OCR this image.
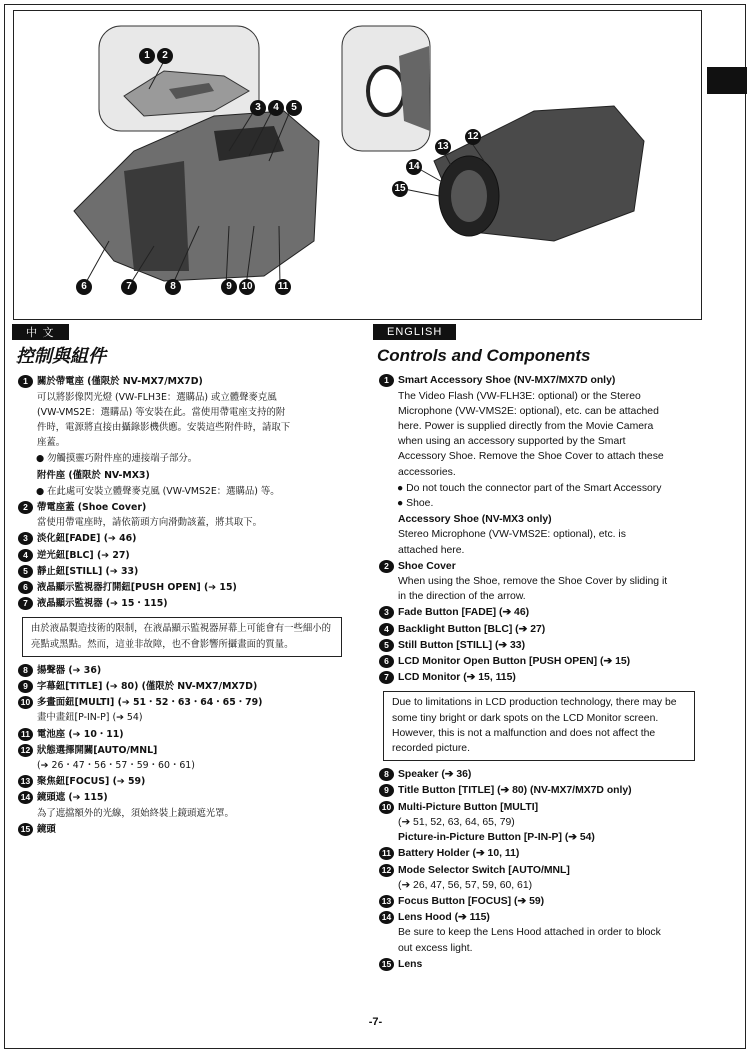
1	2
3	4	5
6	7	8	9 10	11
12
13
14
15
中 文
控制與組件
1 關於帶電座 (僅限於 NV-MX7/MX7D)
可以將影像閃光燈 (VW-FLH3E：選購品) 或立體聲麥克風
(VW-VMS2E：選購品) 等安裝在此。當使用帶電座支持的附
件時，電源將直接由攝錄影機供應。安裝這些附件時，請取下
座蓋。
● 勿觸摸靈巧附件座的連接端子部分。
附件座 (僅限於 NV-MX3)
● 在此處可安裝立體聲麥克風 (VW-VMS2E：選購品) 等。
2 帶電座蓋 (Shoe Cover)
當使用帶電座時，請依箭頭方向滑動該蓋，將其取下。
3 淡化鈕[FADE] (➔ 46)
4 逆光鈕[BLC] (➔ 27)
5 靜止鈕[STILL] (➔ 33)
6 液晶顯示監視器打開鈕[PUSH OPEN] (➔ 15)
7 液晶顯示監視器 (➔ 15・115)
由於液晶製造技術的限制，在液晶顯示監視器屏幕上可能會有一些細小的亮點或黑點。然而，這並非故障，也不會影響所攝畫面的質量。
8 揚聲器 (➔ 36)
9 字幕鈕[TITLE] (➔ 80) (僅限於 NV-MX7/MX7D)
10 多畫面鈕[MULTI] (➔ 51・52・63・64・65・79)
畫中畫鈕[P-IN-P] (➔ 54)
11 電池座 (➔ 10・11)
12 狀態選擇開關[AUTO/MNL]
(➔ 26・47・56・57・59・60・61)
13 聚焦鈕[FOCUS] (➔ 59)
14 鏡頭遮 (➔ 115)
為了遮擋額外的光線，須始終裝上鏡頭遮光罩。
15 鏡頭
ENGLISH
Controls and Components
1 Smart Accessory Shoe (NV-MX7/MX7D only)
The Video Flash (VW-FLH3E: optional) or the Stereo
Microphone (VW-VMS2E: optional), etc. can be attached
here. Power is supplied directly from the Movie Camera
when using an accessory supported by the Smart
Accessory Shoe. Remove the Shoe Cover to attach these
accessories.
● Do not touch the connector part of the Smart Accessory
● Shoe.
Accessory Shoe (NV-MX3 only)
Stereo Microphone (VW-VMS2E: optional), etc. is
attached here.
2 Shoe Cover
When using the Shoe, remove the Shoe Cover by sliding it
in the direction of the arrow.
3 Fade Button [FADE] (➔ 46)
4 Backlight Button [BLC] (➔ 27)
5 Still Button [STILL] (➔ 33)
6 LCD Monitor Open Button [PUSH OPEN] (➔ 15)
7 LCD Monitor (➔ 15, 115)
Due to limitations in LCD production technology, there may be some tiny bright or dark spots on the LCD Monitor screen. However, this is not a malfunction and does not affect the recorded picture.
8 Speaker (➔ 36)
9 Title Button [TITLE] (➔ 80) (NV-MX7/MX7D only)
10 Multi-Picture Button [MULTI]
(➔ 51, 52, 63, 64, 65, 79)
Picture-in-Picture Button [P-IN-P] (➔ 54)
11 Battery Holder (➔ 10, 11)
12 Mode Selector Switch [AUTO/MNL]
(➔ 26, 47, 56, 57, 59, 60, 61)
13 Focus Button [FOCUS] (➔ 59)
14 Lens Hood (➔ 115)
Be sure to keep the Lens Hood attached in order to block
out excess light.
15 Lens
-7-
